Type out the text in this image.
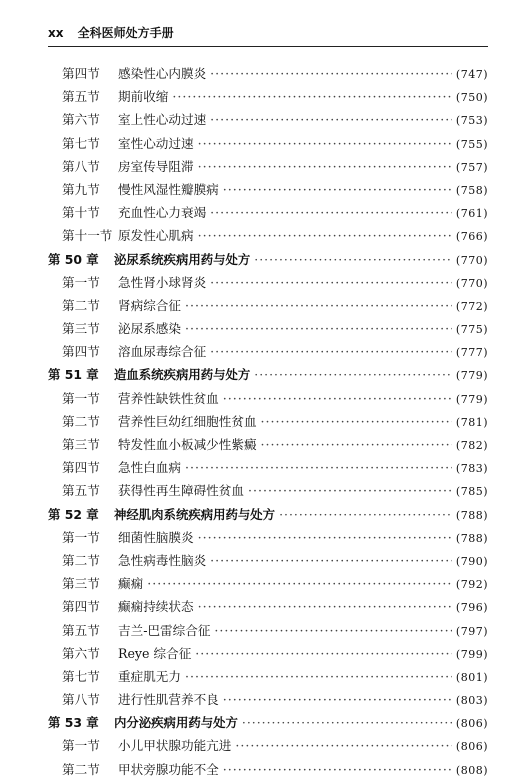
xx 全科医师处方手册
第四节	感染性心内膜炎 ·····	(747)
第五节	期前收缩 ·····	(750)
第六节	室上性心动过速 ·····	(753)
第七节	室性心动过速 ·····	(755)
第八节	房室传导阻滞 ·····	(757)
第九节	慢性风湿性瓣膜病 ·····	(758)
第十节	充血性心力衰竭 ·····	(761)
第十一节 原发性心肌病 ·····	(766)
第 50 章	泌尿系统疾病用药与处方 ·····	(770)
第一节	急性肾小球肾炎 ·····	(770)
第二节	肾病综合征 ·····	(772)
第三节	泌尿系感染 ·····	(775)
第四节	溶血尿毒综合征 ·····	(777)
第 51 章	造血系统疾病用药与处方 ·····	(779)
第一节	营养性缺铁性贫血 ·····	(779)
第二节	营养性巨幼红细胞性贫血 ·····	(781)
第三节	特发性血小板减少性紫癜 ·····	(782)
第四节	急性白血病 ·····	(783)
第五节	获得性再生障碍性贫血 ·····	(785)
第 52 章	神经肌肉系统疾病用药与处方 ·····	(788)
第一节	细菌性脑膜炎 ·····	(788)
第二节	急性病毒性脑炎 ·····	(790)
第三节	癫痫 ·····	(792)
第四节	癫痫持续状态 ·····	(796)
第五节	吉兰-巴雷综合征 ·····	(797)
第六节	Reye 综合征 ·····	(799)
第七节	重症肌无力 ·····	(801)
第八节	进行性肌营养不良 ·····	(803)
第 53 章	内分泌疾病用药与处方 ·····	(806)
第一节	小儿甲状腺功能亢进 ·····	(806)
第二节	甲状旁腺功能不全 ·····	(808)
